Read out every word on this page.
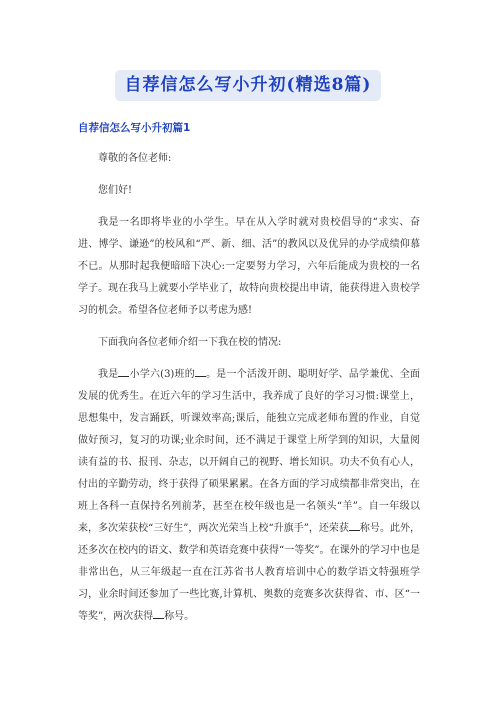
自荐信怎么写小升初(精选8篇)
自荐信怎么写小升初篇1

尊敬的各位老师:

您们好!

我是一名即将毕业的小学生。早在从入学时就对贵校倡导的“求实、奋进、博学、谦逊”的校风和“严、新、细、活”的教风以及优异的办学成绩仰慕不已。从那时起我便暗暗下决心:一定要努力学习，六年后能成为贵校的一名学子。现在我马上就要小学毕业了，故特向贵校提出申请，能获得进入贵校学习的机会。希望各位老师予以考虑为感!

下面我向各位老师介绍一下我在校的情况:

我是 小学六(3)班的 。是一个活泼开朗、聪明好学、品学兼优、全面发展的优秀生。在近六年的学习生活中，我养成了良好的学习习惯:课堂上，思想集中，发言踊跃，听课效率高;课后，能独立完成老师布置的作业，自觉做好预习，复习的功课;业余时间，还不满足于课堂上所学到的知识，大量阅读有益的书、报刊、杂志，以开阔自己的视野、增长知识。功夫不负有心人，付出的辛勤劳动，终于获得了硕果累累。在各方面的学习成绩都非常突出，在班上各科一直保持名列前茅，甚至在校年级也是一名领头“羊”。自一年级以来，多次荣获校“三好生”，两次光荣当上校“升旗手”，还荣获 称号。此外，还多次在校内的语文、数学和英语竞赛中获得“一等奖”。在课外的学习中也是非常出色，从三年级起一直在江苏省书人教育培训中心的数学语文特强班学习，业余时间还参加了一些比赛,计算机、奥数的竞赛多次获得省、市、区“一等奖”，两次获得 称号。
